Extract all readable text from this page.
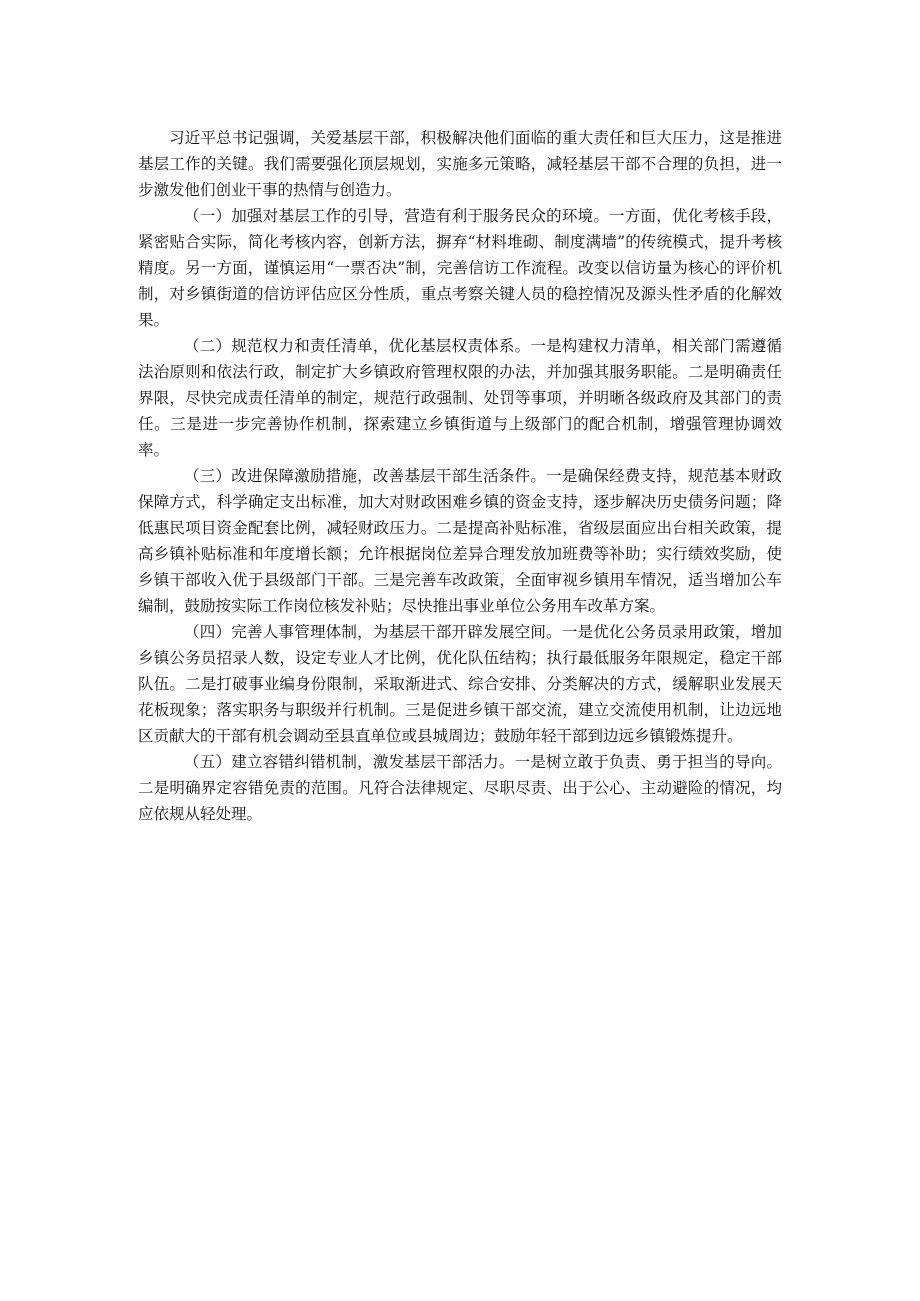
习近平总书记强调，关爱基层干部，积极解决他们面临的重大责任和巨大压力，这是推进基层工作的关键。我们需要强化顶层规划，实施多元策略，减轻基层干部不合理的负担，进一步激发他们创业干事的热情与创造力。

（一）加强对基层工作的引导，营造有利于服务民众的环境。一方面，优化考核手段，紧密贴合实际，简化考核内容，创新方法，摒弃“材料堆砌、制度满墙”的传统模式，提升考核精度。另一方面，谨慎运用“一票否决”制，完善信访工作流程。改变以信访量为核心的评价机制，对乡镇街道的信访评估应区分性质，重点考察关键人员的稳控情况及源头性矛盾的化解效果。

（二）规范权力和责任清单，优化基层权责体系。一是构建权力清单，相关部门需遵循法治原则和依法行政，制定扩大乡镇政府管理权限的办法，并加强其服务职能。二是明确责任界限，尽快完成责任清单的制定，规范行政强制、处罚等事项，并明晰各级政府及其部门的责任。三是进一步完善协作机制，探索建立乡镇街道与上级部门的配合机制，增强管理协调效率。

（三）改进保障激励措施，改善基层干部生活条件。一是确保经费支持，规范基本财政保障方式，科学确定支出标准，加大对财政困难乡镇的资金支持，逐步解决历史债务问题；降低惠民项目资金配套比例，减轻财政压力。二是提高补贴标准，省级层面应出台相关政策，提高乡镇补贴标准和年度增长额；允许根据岗位差异合理发放加班费等补助；实行绩效奖励，使乡镇干部收入优于县级部门干部。三是完善车改政策，全面审视乡镇用车情况，适当增加公车编制，鼓励按实际工作岗位核发补贴；尽快推出事业单位公务用车改革方案。

（四）完善人事管理体制，为基层干部开辟发展空间。一是优化公务员录用政策，增加乡镇公务员招录人数，设定专业人才比例，优化队伍结构；执行最低服务年限规定，稳定干部队伍。二是打破事业编身份限制，采取渐进式、综合安排、分类解决的方式，缓解职业发展天花板现象；落实职务与职级并行机制。三是促进乡镇干部交流，建立交流使用机制，让边远地区贡献大的干部有机会调动至县直单位或县城周边；鼓励年轻干部到边远乡镇锻炼提升。

（五）建立容错纠错机制，激发基层干部活力。一是树立敢于负责、勇于担当的导向。二是明确界定容错免责的范围。凡符合法律规定、尽职尽责、出于公心、主动避险的情况，均应依规从轻处理。
